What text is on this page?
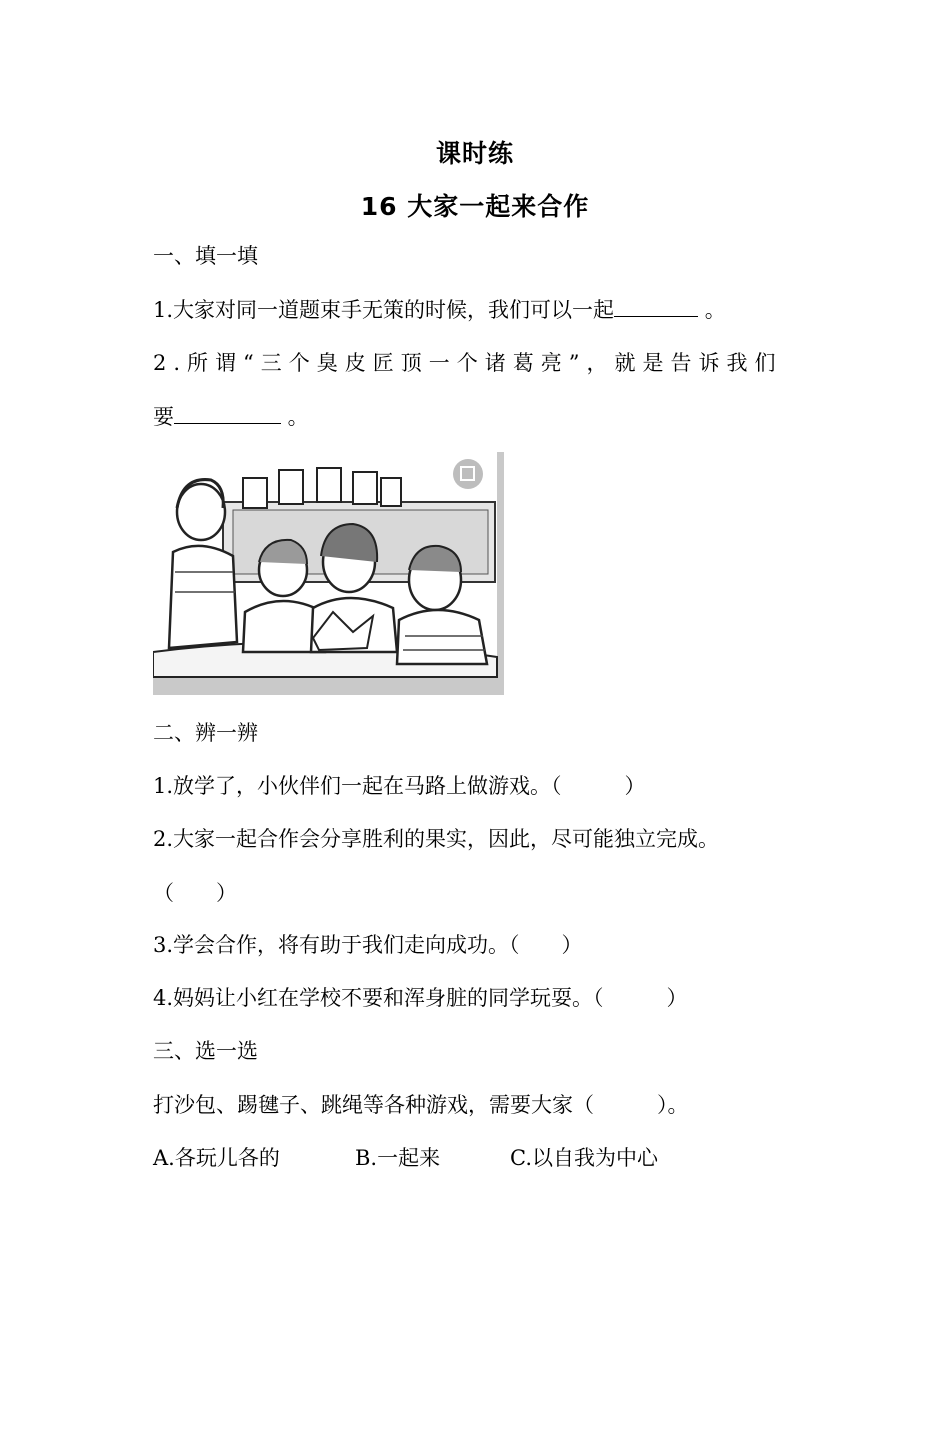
课时练
16 大家一起来合作
一、填一填
1.大家对同一道题束手无策的时候，我们可以一起	。
2.所谓“三个臭皮匠顶一个诸葛亮”，就是告诉我们
要	。
二、辨一辨
1.放学了，小伙伴们一起在马路上做游戏。（　　　）
2.大家一起合作会分享胜利的果实，因此，尽可能独立完成。
（　　）
3.学会合作，将有助于我们走向成功。（　　）
4.妈妈让小红在学校不要和浑身脏的同学玩耍。（　　　）
三、选一选
打沙包、踢毽子、跳绳等各种游戏，需要大家（　　　）。
A.各玩儿各的	B.一起来	C.以自我为中心
